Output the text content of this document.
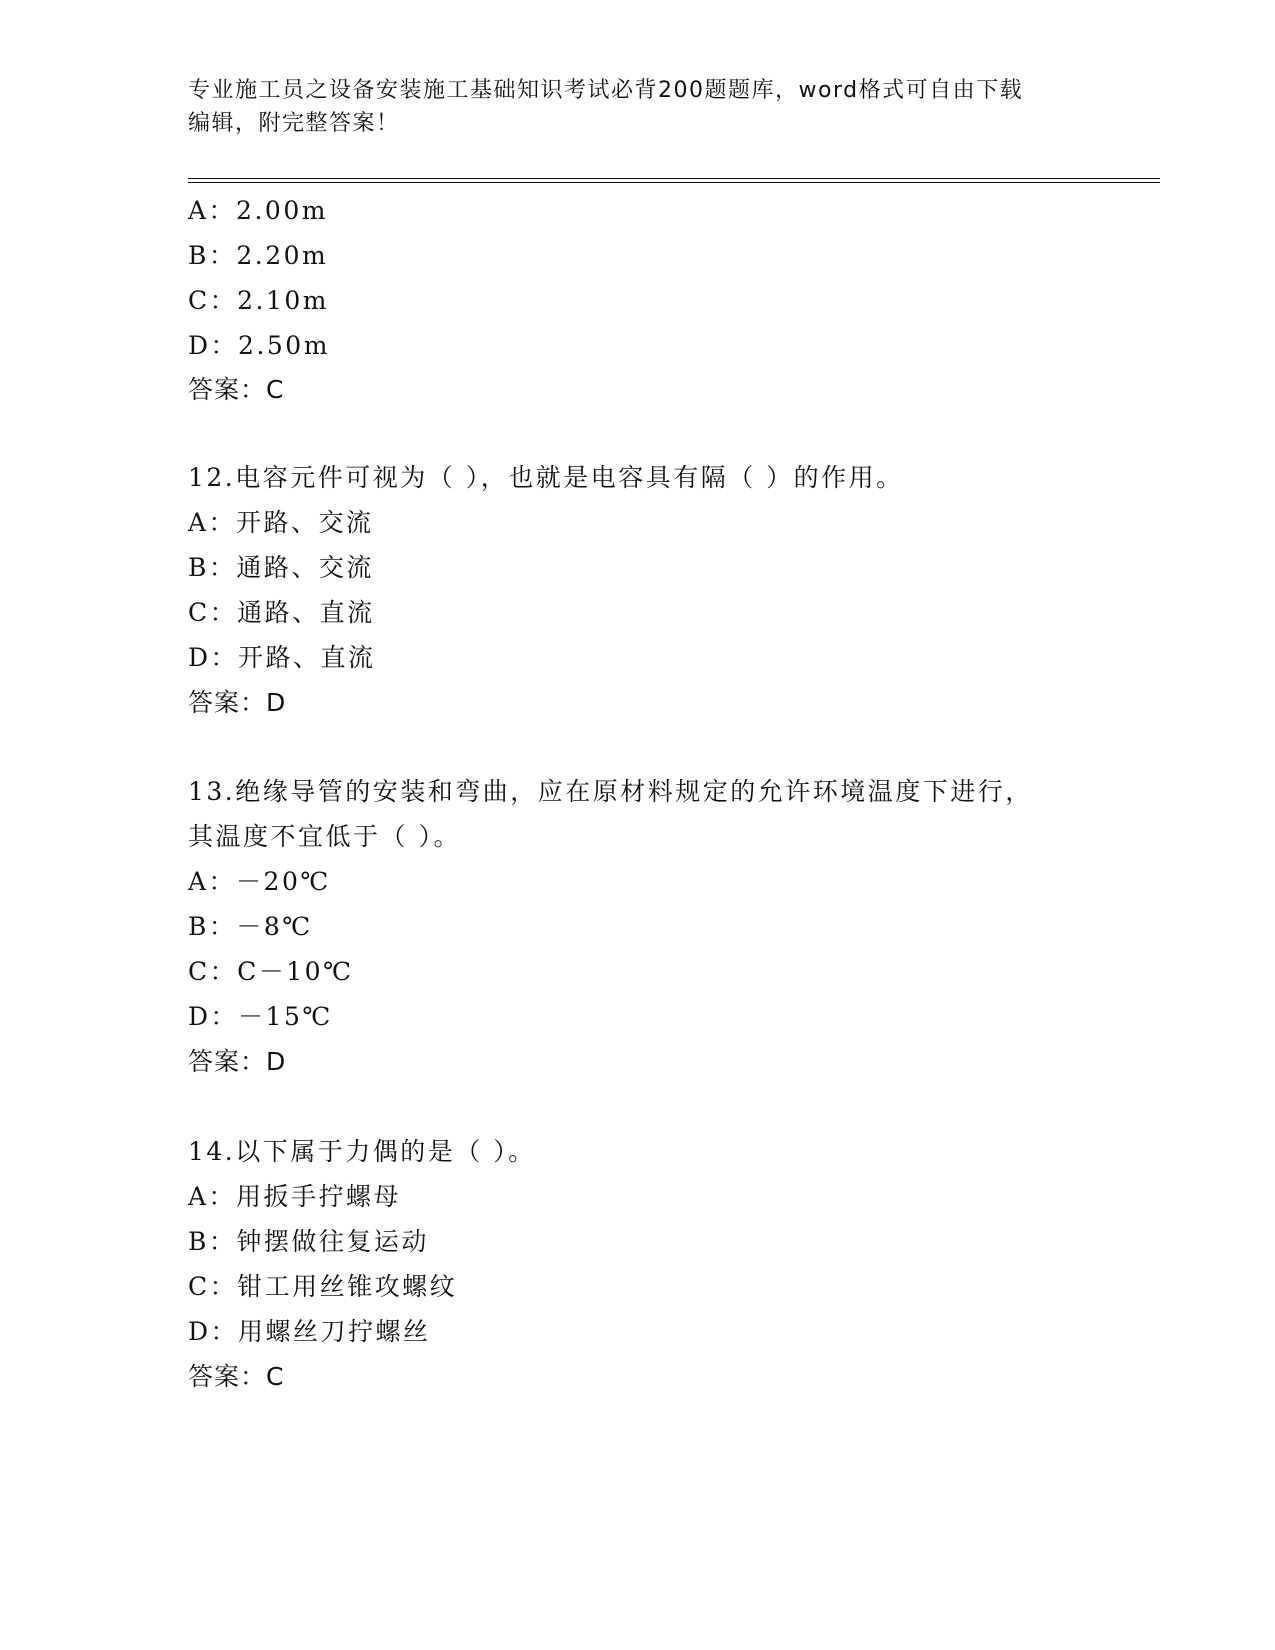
专业施工员之设备安装施工基础知识考试必背200题题库，word格式可自由下载
编辑，附完整答案！
A：2.00m
B：2.20m
C：2.10m
D：2.50m
答案：C
12.电容元件可视为（ ），也就是电容具有隔（ ）的作用。
A：开路、交流
B：通路、交流
C：通路、直流
D：开路、直流
答案：D
13.绝缘导管的安装和弯曲，应在原材料规定的允许环境温度下进行，
其温度不宜低于（ ）。
A：－20℃
B：－8℃
C：C－10℃
D：－15℃
答案：D
14.以下属于力偶的是（ ）。
A：用扳手拧螺母
B：钟摆做往复运动
C：钳工用丝锥攻螺纹
D：用螺丝刀拧螺丝
答案：C
